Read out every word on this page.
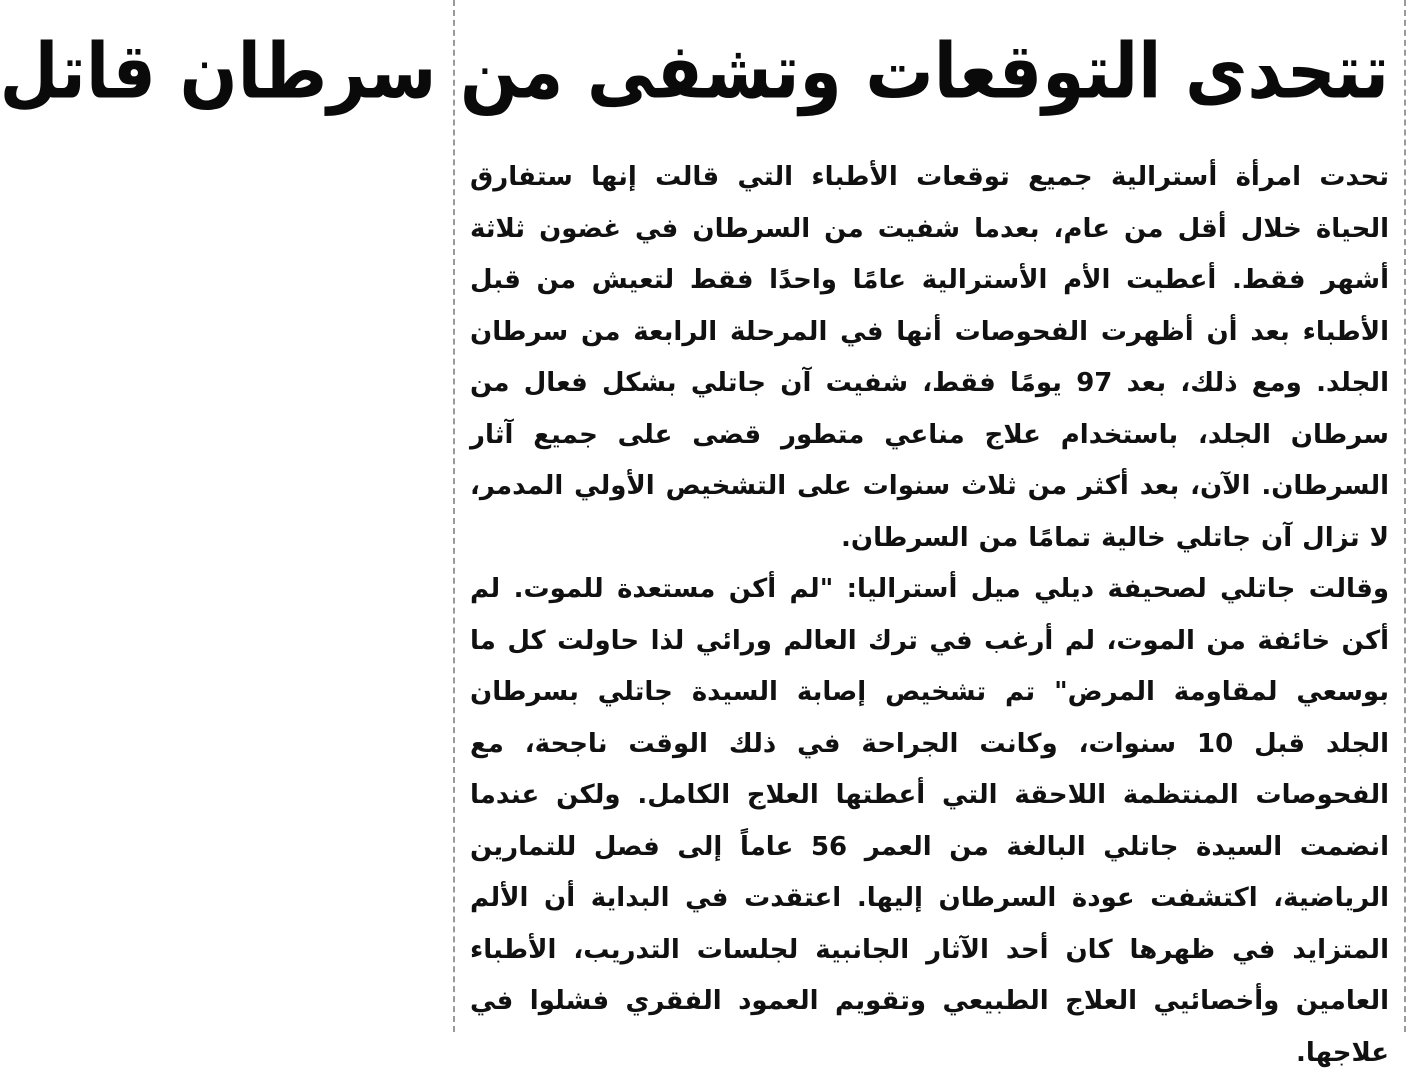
تتحدى التوقعات وتشفى من سرطان قاتل

تحدت امرأة أسترالية جميع توقعات الأطباء التي قالت إنها ستفارق الحياة خلال أقل من عام، بعدما شفيت من السرطان في غضون ثلاثة أشهر فقط. أعطيت الأم الأسترالية عامًا واحدًا فقط لتعيش من قبل الأطباء بعد أن أظهرت الفحوصات أنها في المرحلة الرابعة من سرطان الجلد. ومع ذلك، بعد 97 يومًا فقط، شفيت آن جاتلي بشكل فعال من سرطان الجلد، باستخدام علاج مناعي متطور قضى على جميع آثار السرطان. الآن، بعد أكثر من ثلاث سنوات على التشخيص الأولي المدمر، لا تزال آن جاتلي خالية تمامًا من السرطان.

وقالت جاتلي لصحيفة ديلي ميل أستراليا: "لم أكن مستعدة للموت. لم أكن خائفة من الموت، لم أرغب في ترك العالم ورائي لذا حاولت كل ما بوسعي لمقاومة المرض" تم تشخيص إصابة السيدة جاتلي بسرطان الجلد قبل 10 سنوات، وكانت الجراحة في ذلك الوقت ناجحة، مع الفحوصات المنتظمة اللاحقة التي أعطتها العلاج الكامل. ولكن عندما انضمت السيدة جاتلي البالغة من العمر 56 عاماً إلى فصل للتمارين الرياضية، اكتشفت عودة السرطان إليها. اعتقدت في البداية أن الألم المتزايد في ظهرها كان أحد الآثار الجانبية لجلسات التدريب، الأطباء العامين وأخصائيي العلاج الطبيعي وتقويم العمود الفقري فشلوا في علاجها.
